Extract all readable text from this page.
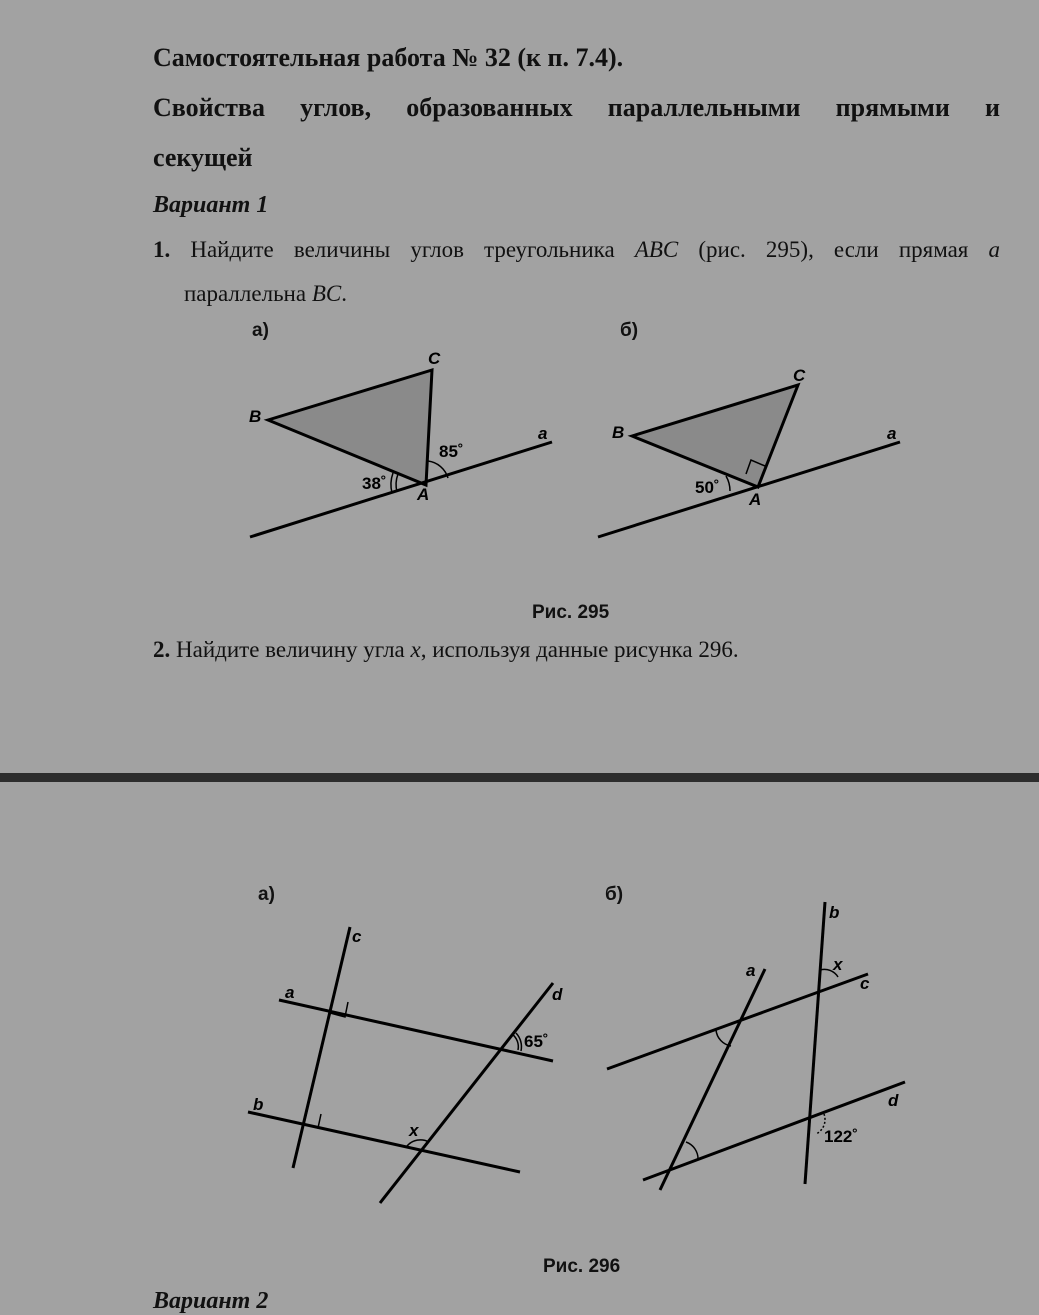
Самостоятельная работа № 32 (к п. 7.4).
Свойства углов, образованных параллельными прямыми и
секущей
Вариант 1
1. Найдите величины углов треугольника ABC (рис. 295), если прямая a
параллельна BC.
а)	б)
C
B
A
a
38˚
85˚
C
B
A
a
50˚
Рис. 295
2. Найдите величину угла x, используя данные рисунка 296.
а)	б)
c
a
b
d
65˚
x
b
a	x
c
d
122˚
Рис. 296
Вариант 2
